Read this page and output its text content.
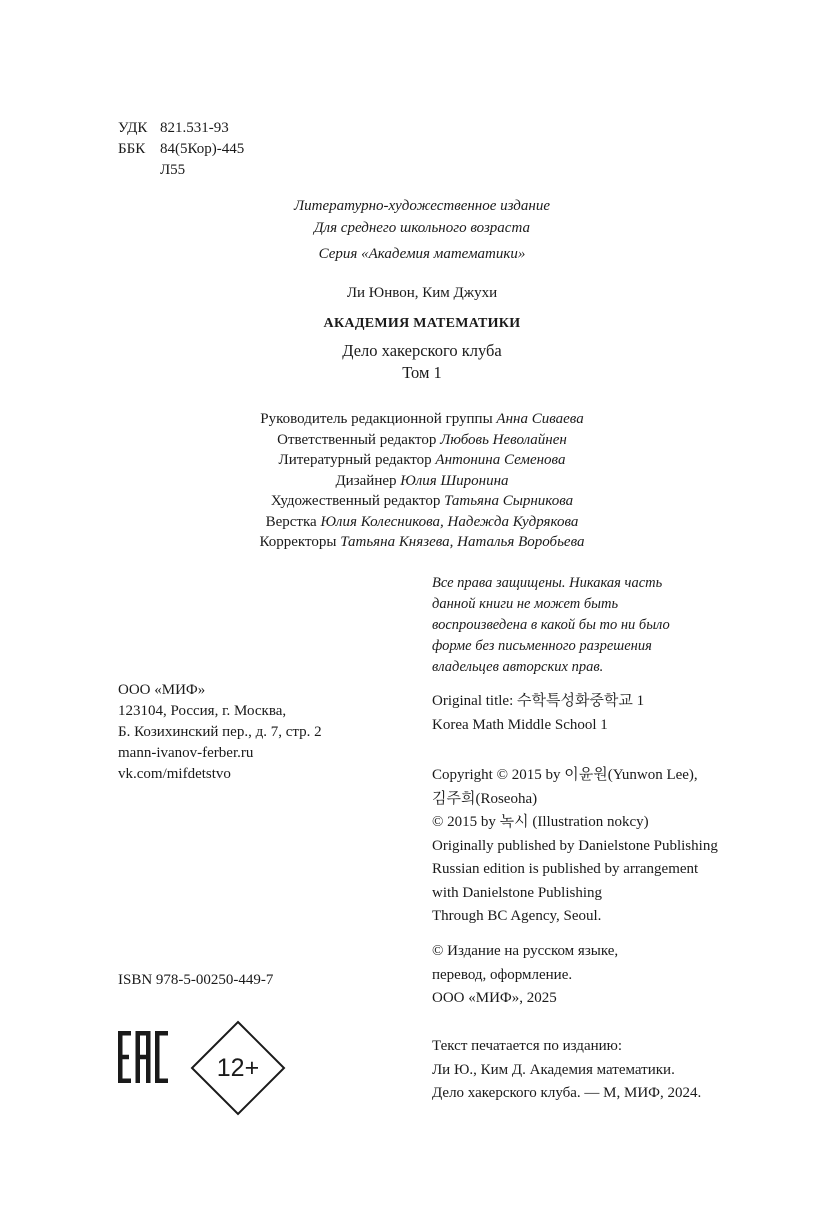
УДК 821.531-93
ББК 84(5Кор)-445
Л55
Литературно-художественное издание
Для среднего школьного возраста
Серия «Академия математики»
Ли Юнвон, Ким Джухи
АКАДЕМИЯ МАТЕМАТИКИ
Дело хакерского клуба
Том 1
Руководитель редакционной группы Анна Сиваева
Ответственный редактор Любовь Неволайнен
Литературный редактор Антонина Семенова
Дизайнер Юлия Широнина
Художественный редактор Татьяна Сырникова
Верстка Юлия Колесникова, Надежда Кудрякова
Корректоры Татьяна Князева, Наталья Воробьева
Все права защищены. Никакая часть
данной книги не может быть
воспроизведена в какой бы то ни было
форме без письменного разрешения
владельцев авторских прав.
ООО «МИФ»
123104, Россия, г. Москва,
Б. Козихинский пер., д. 7, стр. 2
mann-ivanov-ferber.ru
vk.com/mifdetstvo
Original title: 수학특성화중학교 1
Korea Math Middle School 1
Copyright © 2015 by 이윤원(Yunwon Lee),
김주희(Roseoha)
© 2015 by 녹시 (Illustration nokcy)
Originally published by Danielstone Publishing
Russian edition is published by arrangement
with Danielstone Publishing
Through BC Agency, Seoul.
© Издание на русском языке,
перевод, оформление.
ООО «МИФ», 2025
ISBN 978-5-00250-449-7
Текст печатается по изданию:
Ли Ю., Ким Д. Академия математики.
Дело хакерского клуба. — М, МИФ, 2024.
12+
